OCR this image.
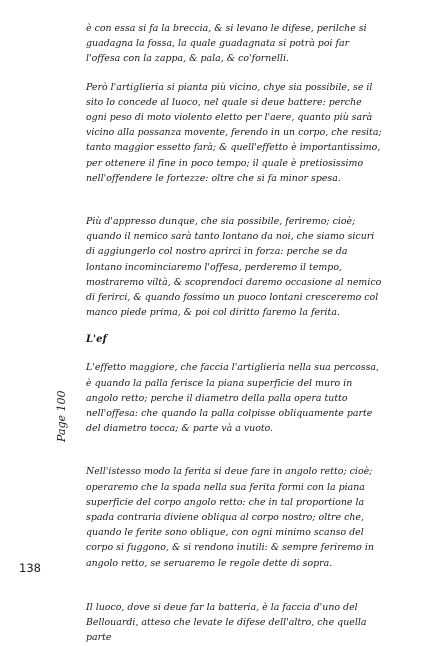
è con essa si fa la breccia, & si levano le difese, perilche si guadagna la fossa, la quale guadagnata si potrà poi far l'offesa con la zappa, & pala, & co'fornelli.

Però l'artiglieria si pianta più vicino, chye sia possibile, se il sito lo concede al luoco, nel quale si deue battere: perche ogni peso di moto violento eletto per l'aere, quanto più sarà vicino alla possanza movente, ferendo in un corpo, che resita; tanto maggior essetto farà; & quell'effetto è importantissimo, per ottenere il fine in poco tempo; il quale è pretiosissimo nell'offendere le fortezze: oltre che si fa minor spesa.

Più d'appresso dunque, che sia possibile, feriremo; cioè; quando il nemico sarà tanto lontano da noi, che siamo sicuri di aggiungerlo col nostro aprirci in forza: perche se da lontano incominciaremo l'offesa, perderemo il tempo, mostraremo viltà, & scoprendoci daremo occasione al nemico di ferirci, & quando fossimo un puoco lontani cresceremo col manco piede prima, & poi col diritto faremo la ferita.

L'ef

L'effetto maggiore, che faccia l'artiglieria nella sua percossa, è quando la palla ferisce la piana superficie del muro in angolo retto; perche il diametro della palla opera tutto nell'offesa: che quando la palla colpisse obliquamente parte del diametro tocca; & parte và a vuoto.

Nell'istesso modo la ferita si deue fare in angolo retto; cioè; operaremo che la spada nella sua ferita formi con la piana superficie del corpo angolo retto: che in tal proportione la spada contraria diviene obliqua al corpo nostro; oltre che, quando le ferite sono oblique, con ogni minimo scanso del corpo si fuggono, & si rendono inutili: & sempre feriremo in angolo retto, se seruaremo le regole dette di sopra.

Il luoco, dove si deue far la batteria, è la faccia d'uno del Bellouardi, atteso che levate le difese dell'altro, che quella parte

Page 100
138
